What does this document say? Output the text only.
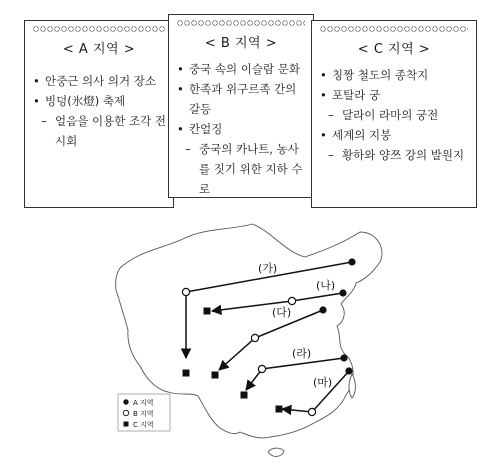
(가)
(나)
(다)
(라)
(마)
A 지역
B 지역
C 지역
< A 지역 >
• 안중근 의사 의거 장소
• 빙덩(氷燈) 축제
– 얼음을 이용한 조각 전시회
< B 지역 >
• 중국 속의 이슬람 문화
• 한족과 위구르족 간의 갈등
• 칸얼징
– 중국의 카나트, 농사를 짓기 위한 지하 수로
< C 지역 >
• 칭짱 철도의 종착지
• 포탈라 궁
– 달라이 라마의 궁전
• 세계의 지붕
– 황하와 양쯔 강의 발원지
